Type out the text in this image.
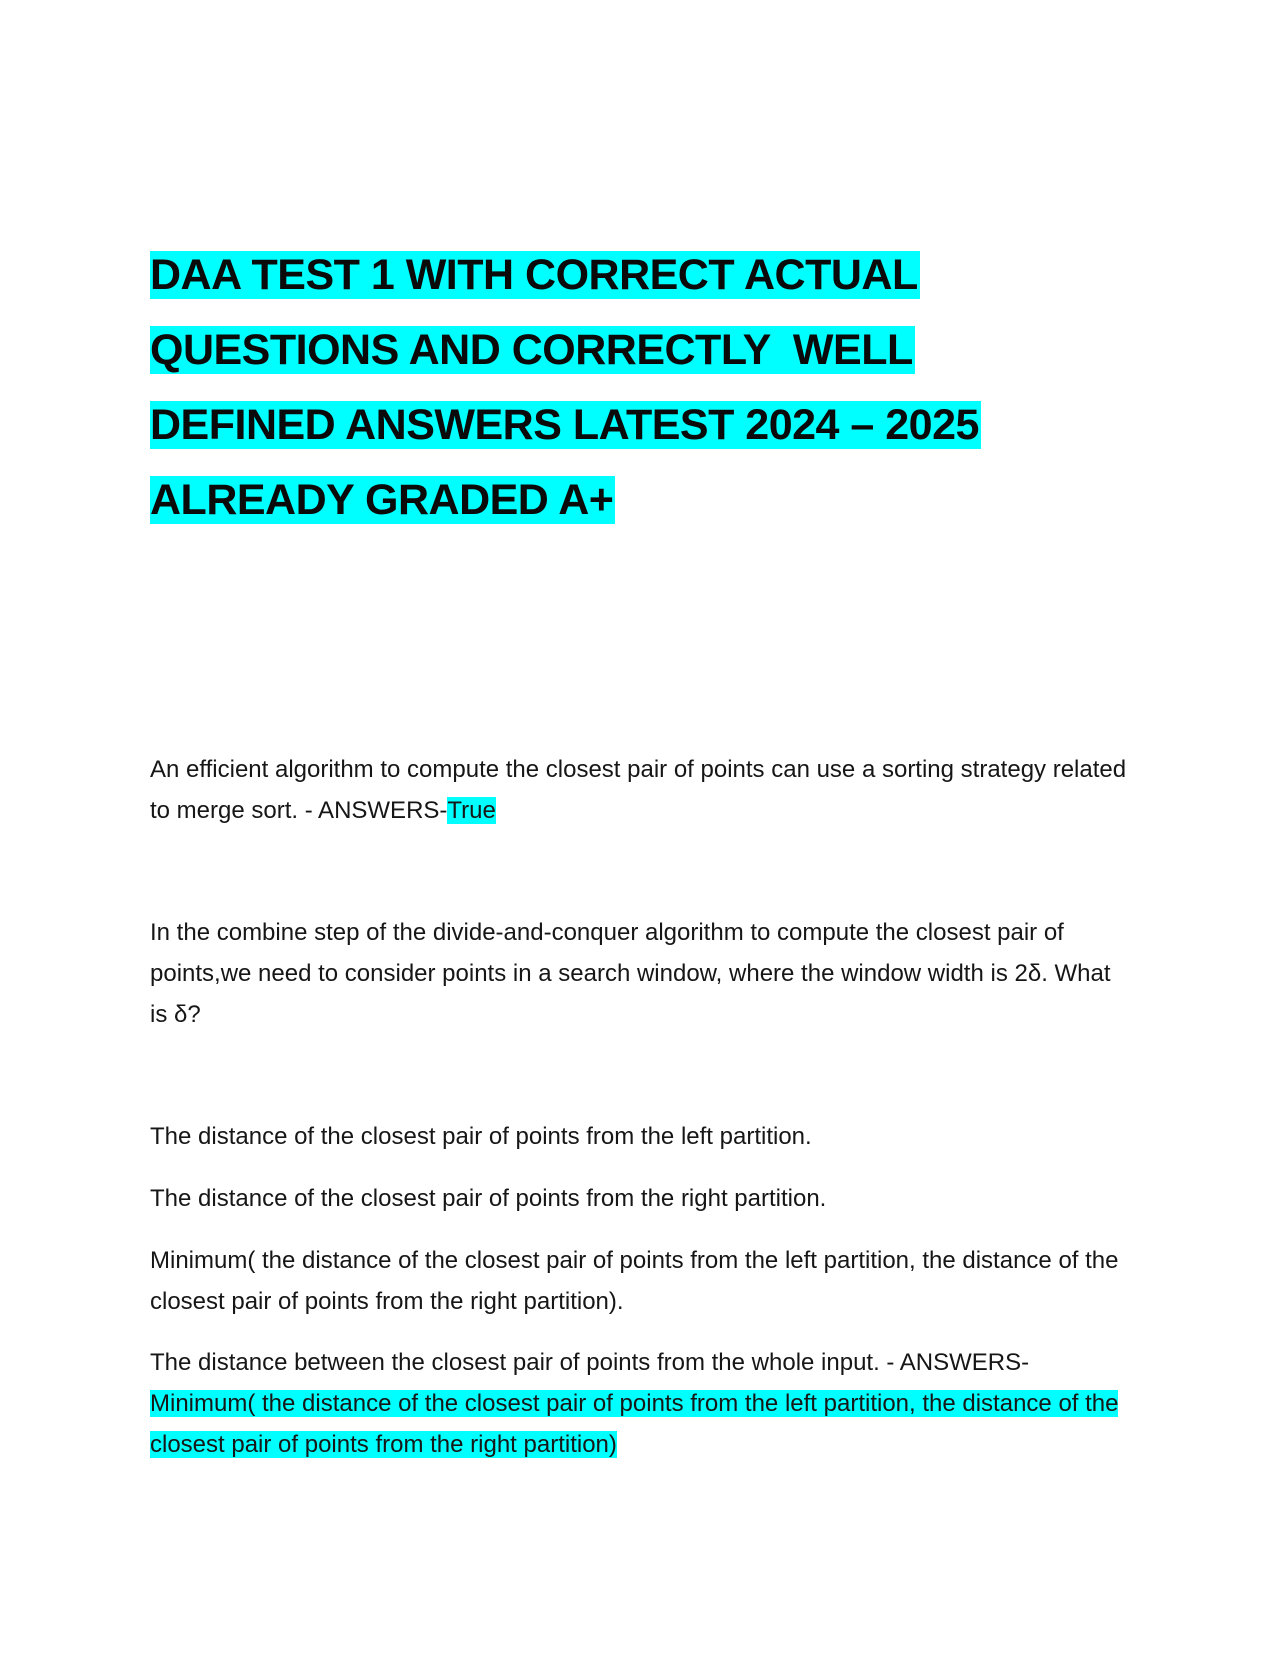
DAA TEST 1 WITH CORRECT ACTUAL
QUESTIONS AND CORRECTLY  WELL
DEFINED ANSWERS LATEST 2024 – 2025
ALREADY GRADED A+

An efficient algorithm to compute the closest pair of points can use a sorting strategy related to merge sort. - ANSWERS-True

In the combine step of the divide-and-conquer algorithm to compute the closest pair of points,we need to consider points in a search window, where the window width is 2δ. What is δ?

The distance of the closest pair of points from the left partition.

The distance of the closest pair of points from the right partition.

Minimum( the distance of the closest pair of points from the left partition, the distance of the closest pair of points from the right partition).

The distance between the closest pair of points from the whole input. - ANSWERS-Minimum( the distance of the closest pair of points from the left partition, the distance of the closest pair of points from the right partition)
